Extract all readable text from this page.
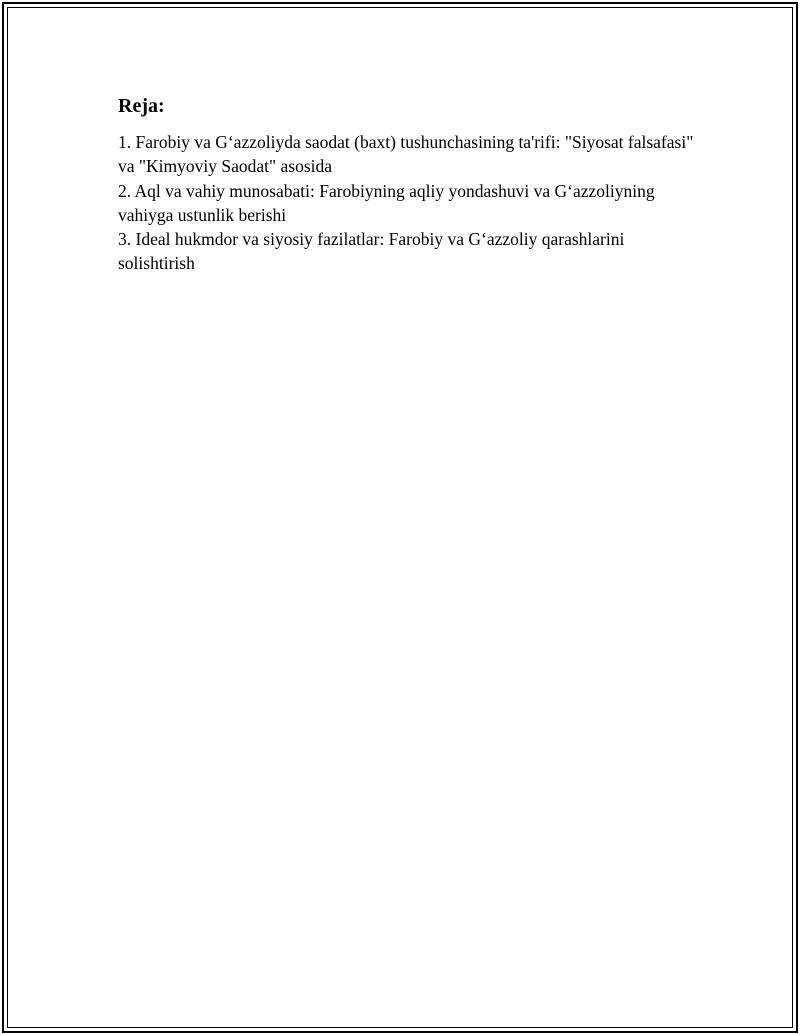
Reja:
1. Farobiy va G‘azzoliyda saodat (baxt) tushunchasining ta'rifi: "Siyosat falsafasi" va "Kimyoviy Saodat" asosida
2. Aql va vahiy munosabati: Farobiyning aqliy yondashuvi va G‘azzoliyning vahiyga ustunlik berishi
3. Ideal hukmdor va siyosiy fazilatlar: Farobiy va G‘azzoliy qarashlarini solishtirish
